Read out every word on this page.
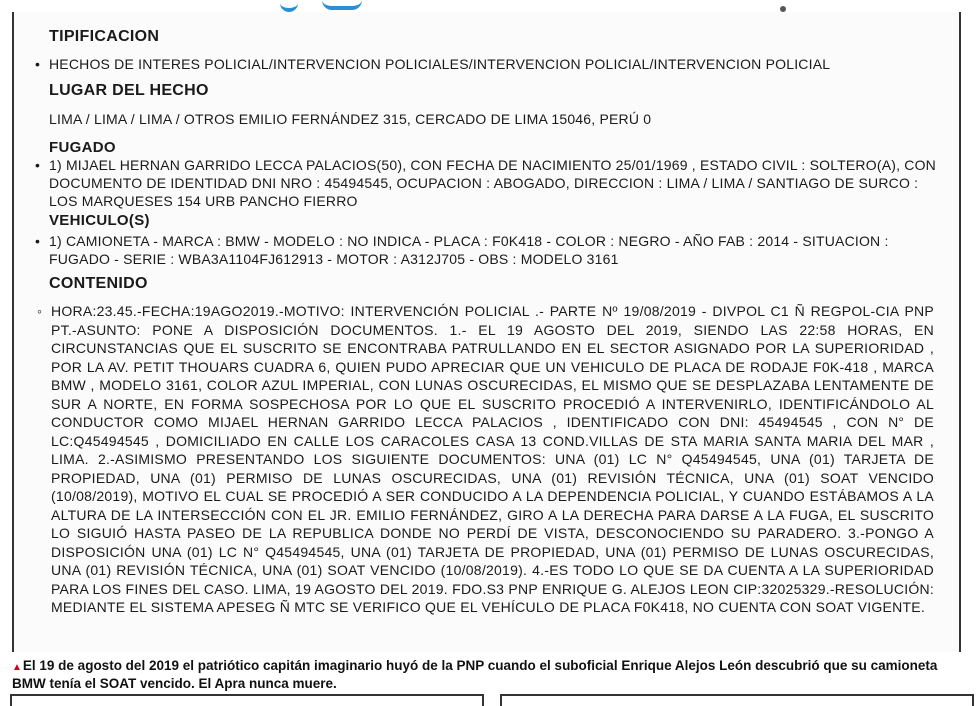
TIPIFICACION

• HECHOS DE INTERES POLICIAL/INTERVENCION POLICIALES/INTERVENCION POLICIAL/INTERVENCION POLICIAL

LUGAR DEL HECHO

LIMA / LIMA / LIMA / OTROS EMILIO FERNÁNDEZ 315, CERCADO DE LIMA 15046, PERÚ 0

FUGADO

• 1) MIJAEL HERNAN GARRIDO LECCA PALACIOS(50), CON FECHA DE NACIMIENTO 25/01/1969 , ESTADO CIVIL : SOLTERO(A), CON DOCUMENTO DE IDENTIDAD DNI NRO : 45494545, OCUPACION : ABOGADO, DIRECCION : LIMA / LIMA / SANTIAGO DE SURCO : LOS MARQUESES 154 URB PANCHO FIERRO

VEHICULO(S)

• 1) CAMIONETA - MARCA : BMW - MODELO : NO INDICA - PLACA : F0K418 - COLOR : NEGRO - AÑO FAB : 2014 - SITUACION : FUGADO - SERIE : WBA3A1104FJ612913 - MOTOR : A312J705 - OBS : MODELO 3161

CONTENIDO

◦ HORA:23.45.-FECHA:19AGO2019.-MOTIVO: INTERVENCIÓN POLICIAL .- PARTE Nº 19/08/2019 - DIVPOL C1 Ñ REGPOL-CIA PNP PT.-ASUNTO: PONE A DISPOSICIÓN DOCUMENTOS. 1.- EL 19 AGOSTO DEL 2019, SIENDO LAS 22:58 HORAS, EN CIRCUNSTANCIAS QUE EL SUSCRITO SE ENCONTRABA PATRULLANDO EN EL SECTOR ASIGNADO POR LA SUPERIORIDAD , POR LA AV. PETIT THOUARS CUADRA 6, QUIEN PUDO APRECIAR QUE UN VEHICULO DE PLACA DE RODAJE F0K-418 , MARCA BMW , MODELO 3161, COLOR AZUL IMPERIAL, CON LUNAS OSCURECIDAS, EL MISMO QUE SE DESPLAZABA LENTAMENTE DE SUR A NORTE, EN FORMA SOSPECHOSA POR LO QUE EL SUSCRITO PROCEDIÓ A INTERVENIRLO, IDENTIFICÁNDOLO AL CONDUCTOR COMO MIJAEL HERNAN GARRIDO LECCA PALACIOS , IDENTIFICADO CON DNI: 45494545 , CON N° DE LC:Q45494545 , DOMICILIADO EN CALLE LOS CARACOLES CASA 13 COND.VILLAS DE STA MARIA SANTA MARIA DEL MAR , LIMA. 2.-ASIMISMO PRESENTANDO LOS SIGUIENTE DOCUMENTOS: UNA (01) LC N° Q45494545, UNA (01) TARJETA DE PROPIEDAD, UNA (01) PERMISO DE LUNAS OSCURECIDAS, UNA (01) REVISIÓN TÉCNICA, UNA (01) SOAT VENCIDO (10/08/2019), MOTIVO EL CUAL SE PROCEDIÓ A SER CONDUCIDO A LA DEPENDENCIA POLICIAL, Y CUANDO ESTÁBAMOS A LA ALTURA DE LA INTERSECCIÓN CON EL JR. EMILIO FERNÁNDEZ, GIRO A LA DERECHA PARA DARSE A LA FUGA, EL SUSCRITO LO SIGUIÓ HASTA PASEO DE LA REPUBLICA DONDE NO PERDÍ DE VISTA, DESCONOCIENDO SU PARADERO. 3.-PONGO A DISPOSICIÓN UNA (01) LC N° Q45494545, UNA (01) TARJETA DE PROPIEDAD, UNA (01) PERMISO DE LUNAS OSCURECIDAS, UNA (01) REVISIÓN TÉCNICA, UNA (01) SOAT VENCIDO (10/08/2019). 4.-ES TODO LO QUE SE DA CUENTA A LA SUPERIORIDAD PARA LOS FINES DEL CASO. LIMA, 19 AGOSTO DEL 2019. FDO.S3 PNP ENRIQUE G. ALEJOS LEON CIP:32025329.-RESOLUCIÓN: MEDIANTE EL SISTEMA APESEG Ñ MTC SE VERIFICO QUE EL VEHÍCULO DE PLACA F0K418, NO CUENTA CON SOAT VIGENTE.

▲El 19 de agosto del 2019 el patriótico capitán imaginario huyó de la PNP cuando el suboficial Enrique Alejos León descubrió que su camioneta BMW tenía el SOAT vencido. El Apra nunca muere.
